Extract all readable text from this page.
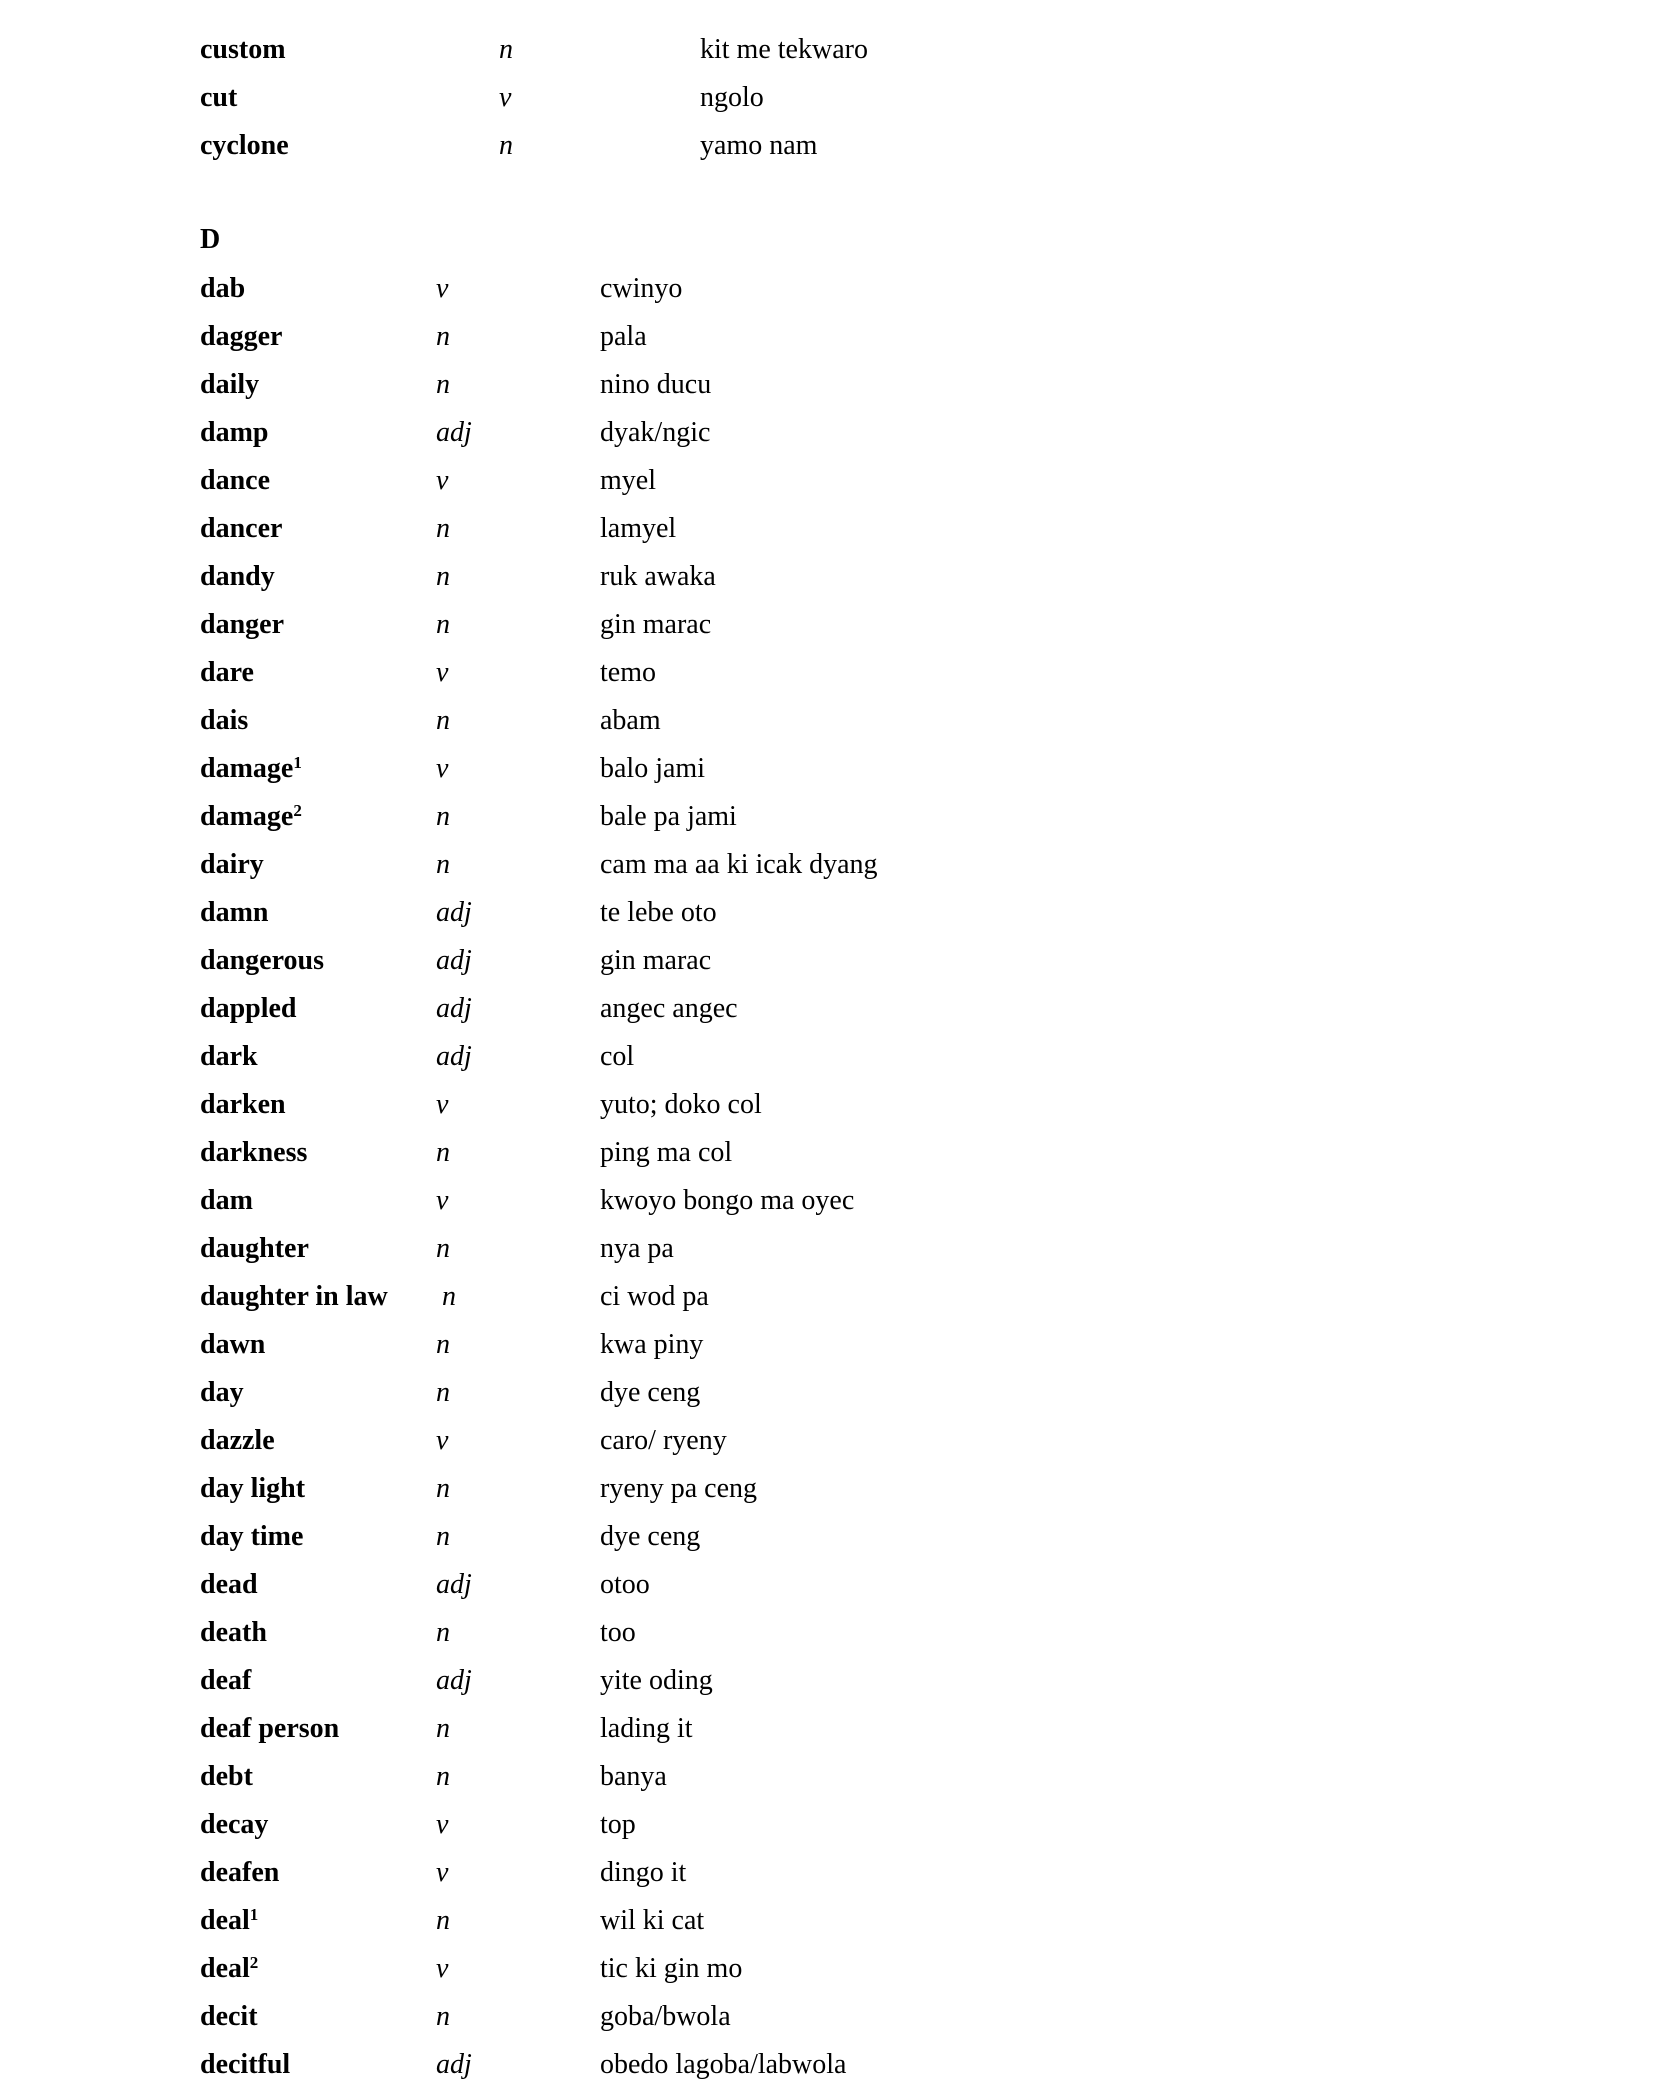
custom	n	kit me tekwaro
cut	v	ngolo
cyclone	n	yamo nam
D
dab	v	cwinyo
dagger	n	pala
daily	n	nino ducu
damp	adj	dyak/ngic
dance	v	myel
dancer	n	lamyel
dandy	n	ruk awaka
danger	n	gin marac
dare	v	temo
dais	n	abam
damage$^1$	v	balo jami
damage$^2$	n	bale pa jami
dairy	n	cam ma aa ki icak dyang
damn	adj	te lebe oto
dangerous	adj	gin marac
dappled	adj	angec angec
dark	adj	col
darken	v	yuto; doko col
darkness	n	ping ma col
dam	v	kwoyo bongo ma oyec
daughter	n	nya pa
daughter in law n	ci wod pa
dawn	n	kwa piny
day	n	dye ceng
dazzle	v	caro/ ryeny
day light	n	ryeny pa ceng
day time	n	dye ceng
dead	adj	otoo
death	n	too
deaf	adj	yite oding
deaf person	n	lading it
debt	n	banya
decay	v	top
deafen	v	dingo it
deal$^1$	n	wil ki cat
deal$^2$	v	tic ki gin mo
decit	n	goba/bwola
decitful	adj	obedo lagoba/labwola
